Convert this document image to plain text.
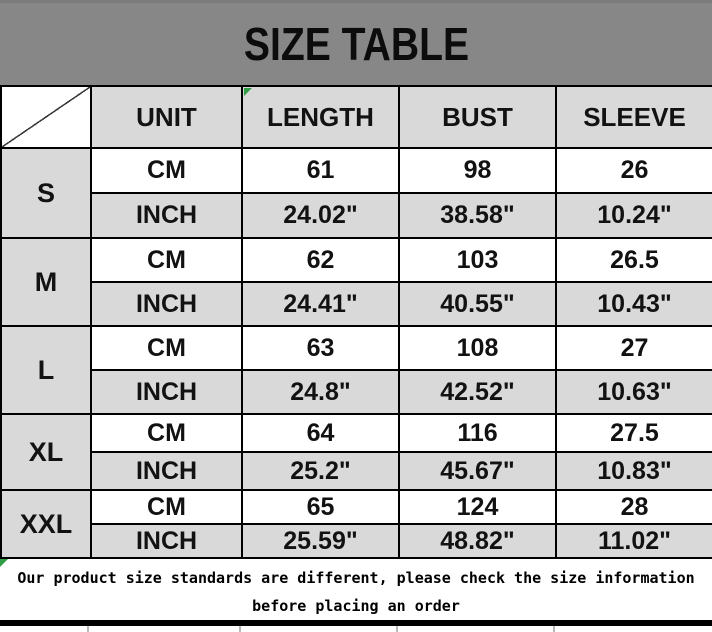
SIZE TABLE
	UNIT	LENGTH	BUST	SLEEVE
S	CM	61	98	26
	INCH	24.02"	38.58"	10.24"
M	CM	62	103	26.5
	INCH	24.41"	40.55"	10.43"
L	CM	63	108	27
	INCH	24.8"	42.52"	10.63"
XL	CM	64	116	27.5
	INCH	25.2"	45.67"	10.83"
XXL	CM	65	124	28
	INCH	25.59"	48.82"	11.02"
Our product size standards are different, please check the size information
before placing an order
